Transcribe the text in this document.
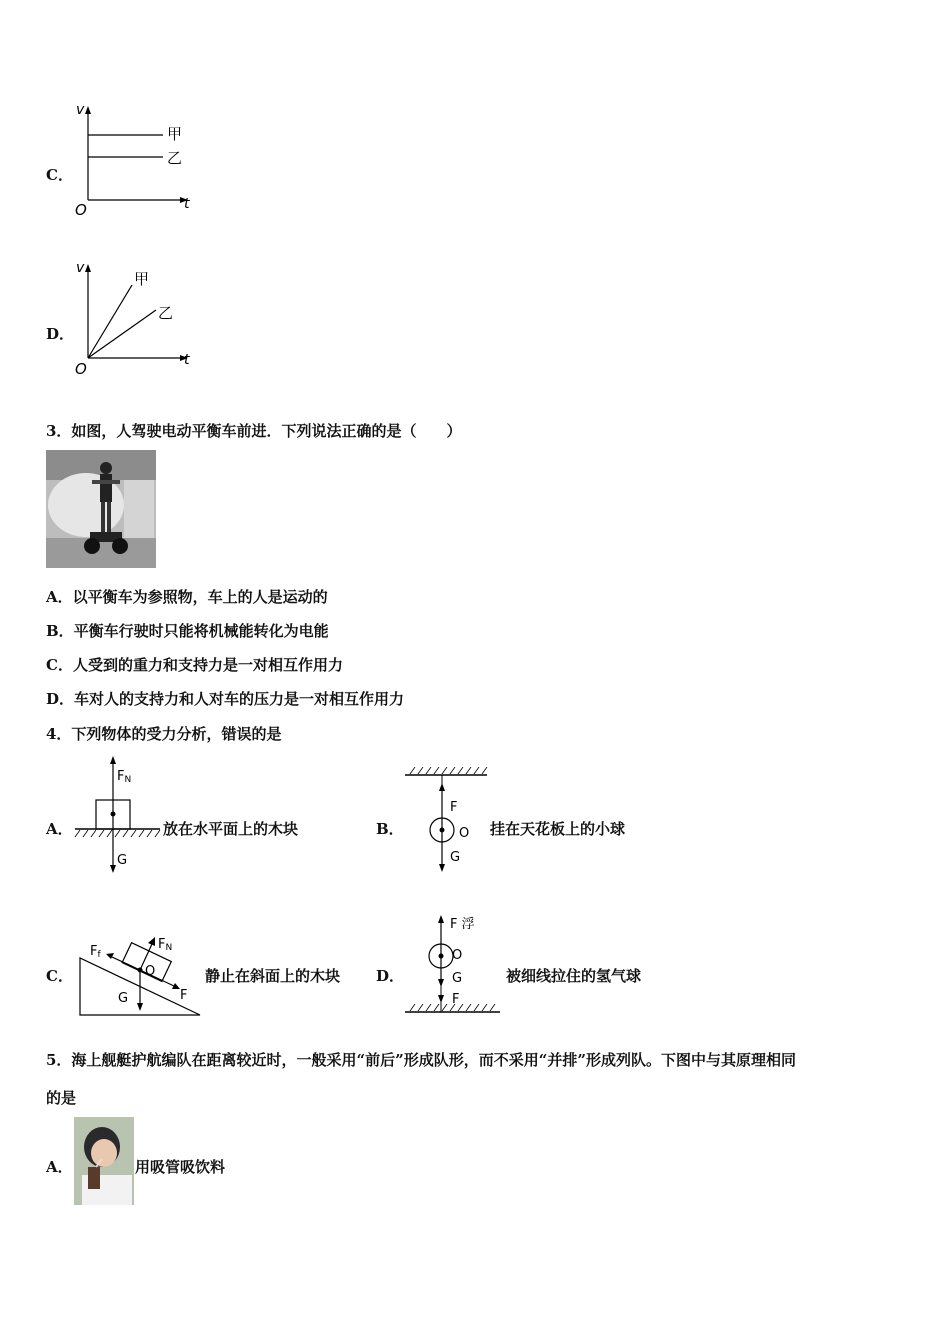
C．
v
t
O
甲
乙
D．
v
t
O
甲
乙
3．如图，人驾驶电动平衡车前进．下列说法正确的是（　　）
A．以平衡车为参照物，车上的人是运动的
B．平衡车行驶时只能将机械能转化为电能
C．人受到的重力和支持力是一对相互作用力
D．车对人的支持力和人对车的压力是一对相互作用力
4．下列物体的受力分析，错误的是
A．
FN
G
放在水平面上的木块	B．
F
O
G
挂在天花板上的小球
C．
Ff
FN
O
G	F
静止在斜面上的木块 D．
F 浮
O
G
F
被细线拉住的氢气球
5．海上舰艇护航编队在距离较近时，一般采用“前后”形成队形，而不采用“并排”形成列队。下图中与其原理相同
的是
A．	用吸管吸饮料
